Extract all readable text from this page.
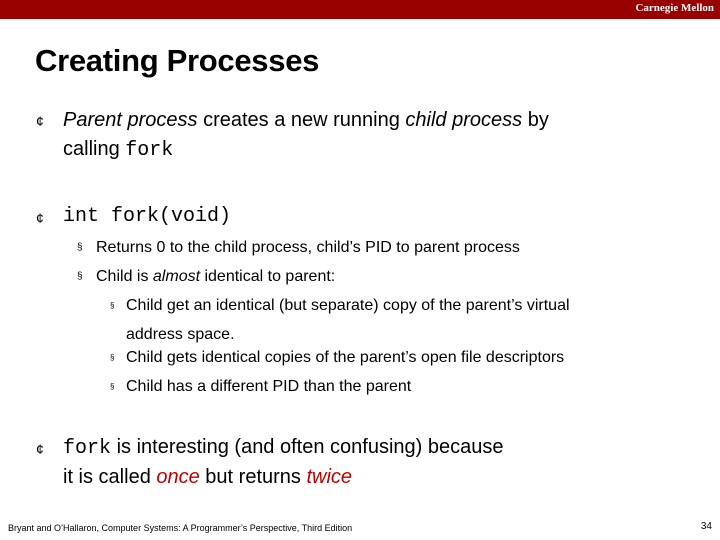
Carnegie Mellon
Creating Processes
¢ Parent process creates a new running child process by
calling fork
¢ int fork(void)
§ Returns 0 to the child process, child’s PID to parent process
§ Child is almost identical to parent:
§ Child get an identical (but separate) copy of the parent’s virtual
address space.
§ Child gets identical copies of the parent’s open file descriptors
§ Child has a different PID than the parent
¢ fork is interesting (and often confusing) because
it is called once but returns twice
Bryant and O’Hallaron, Computer Systems: A Programmer’s Perspective, Third Edition	34
